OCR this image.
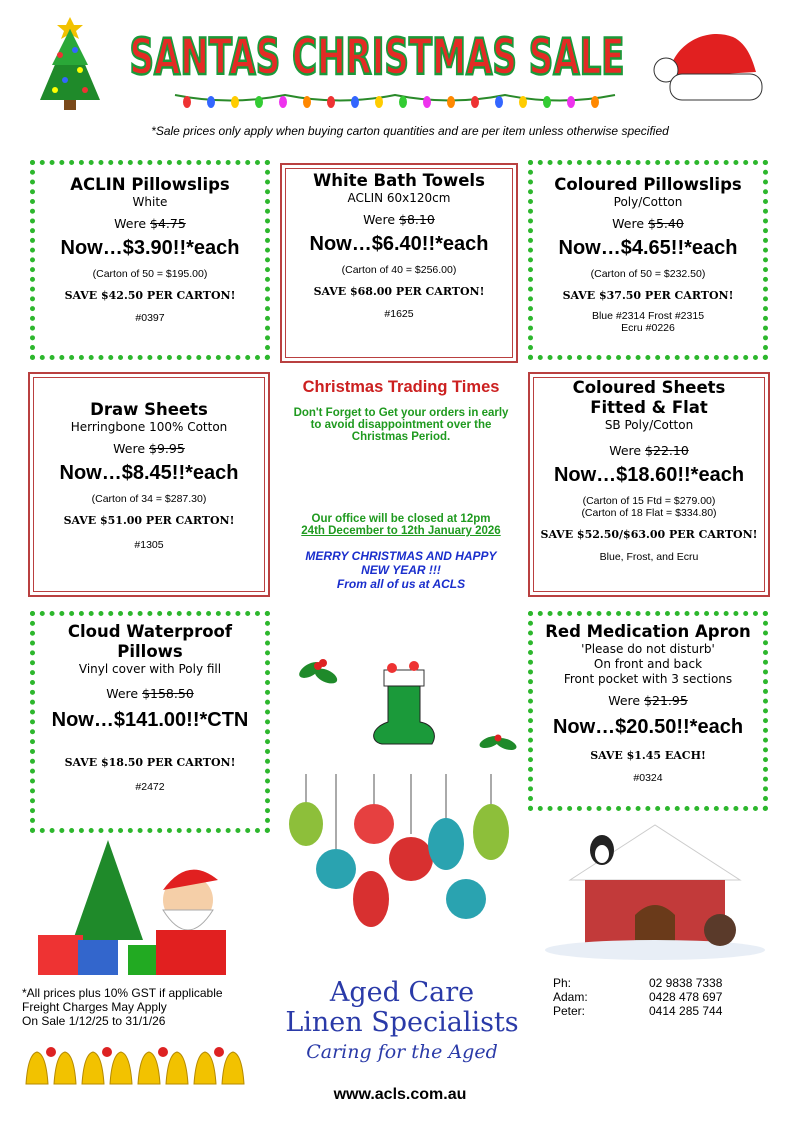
SANTAS CHRISTMAS SALE
*Sale prices only apply when buying carton quantities and are per item unless otherwise specified
ACLIN Pillowslips
White
Were $4.75
Now…$3.90!!*each
(Carton of 50 = $195.00)
SAVE $42.50 PER CARTON!
#0397
White Bath Towels
ACLIN 60x120cm
Were $8.10
Now…$6.40!!*each
(Carton of 40 = $256.00)
SAVE $68.00 PER CARTON!
#1625
Coloured Pillowslips
Poly/Cotton
Were $5.40
Now…$4.65!!*each
(Carton of 50 = $232.50)
SAVE $37.50 PER CARTON!
Blue #2314 Frost #2315
Ecru #0226
Draw Sheets
Herringbone 100% Cotton
Were $9.95
Now…$8.45!!*each
(Carton of 34 = $287.30)
SAVE $51.00 PER CARTON!
#1305
Christmas Trading Times
Don't Forget to Get your orders in early to avoid disappointment over the Christmas Period.
Our office will be closed at 12pm
24th December to 12th January 2026
MERRY CHRISTMAS AND HAPPY NEW YEAR !!!
From all of us at ACLS
Coloured Sheets
Fitted & Flat
SB Poly/Cotton
Were $22.10
Now…$18.60!!*each
(Carton of 15 Ftd = $279.00)
(Carton of 18 Flat = $334.80)
SAVE $52.50/$63.00 PER CARTON!
Blue, Frost, and Ecru
Cloud Waterproof
Pillows
Vinyl cover with Poly fill
Were $158.50
Now…$141.00!!*CTN
SAVE $18.50 PER CARTON!
#2472
Red Medication Apron
'Please do not disturb'
On front and back
Front pocket with 3 sections
Were $21.95
Now…$20.50!!*each
SAVE $1.45 EACH!
#0324
*All prices plus 10% GST if applicable
Freight Charges May Apply
On Sale 1/12/25 to 31/1/26
Aged Care
Linen Specialists
Caring for the Aged
Ph:	02 9838 7338
Adam:	0428 478 697
Peter:	0414 285 744
www.acls.com.au
